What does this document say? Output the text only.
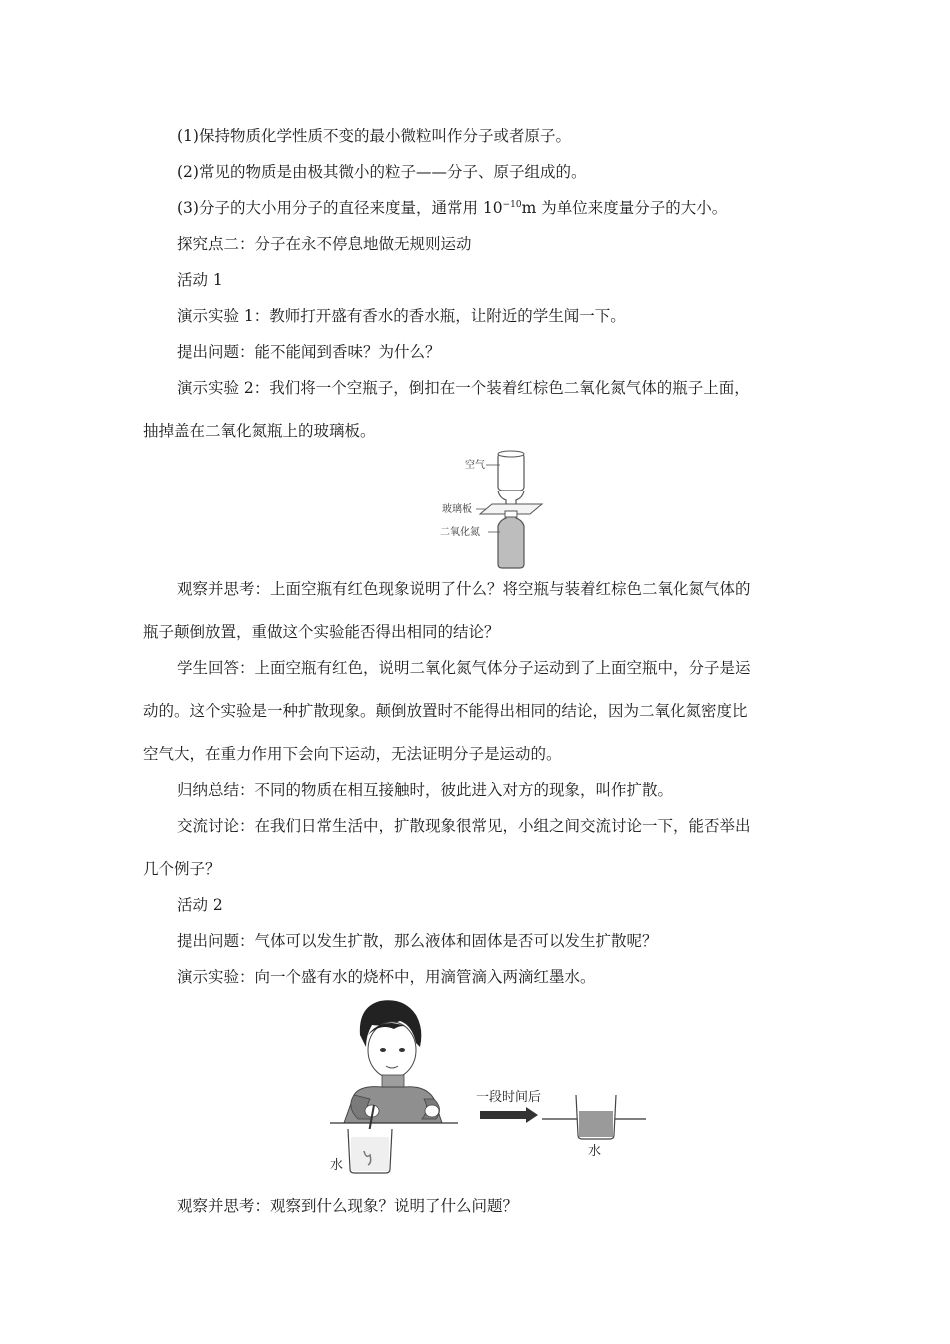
(1)保持物质化学性质不变的最小微粒叫作分子或者原子。
(2)常见的物质是由极其微小的粒子——分子、原子组成的。
(3)分子的大小用分子的直径来度量，通常用 $10^{-10}m$ 为单位来度量分子的大小。
探究点二：分子在永不停息地做无规则运动
活动 1
演示实验 1：教师打开盛有香水的香水瓶，让附近的学生闻一下。
提出问题：能不能闻到香味？为什么？
演示实验 2：我们将一个空瓶子，倒扣在一个装着红棕色二氧化氮气体的瓶子上面，
抽掉盖在二氧化氮瓶上的玻璃板。
空气
玻璃板
二氧化氮
观察并思考：上面空瓶有红色现象说明了什么？将空瓶与装着红棕色二氧化氮气体的
瓶子颠倒放置，重做这个实验能否得出相同的结论？
学生回答：上面空瓶有红色，说明二氧化氮气体分子运动到了上面空瓶中，分子是运
动的。这个实验是一种扩散现象。颠倒放置时不能得出相同的结论，因为二氧化氮密度比
空气大，在重力作用下会向下运动，无法证明分子是运动的。
归纳总结：不同的物质在相互接触时，彼此进入对方的现象，叫作扩散。
交流讨论：在我们日常生活中，扩散现象很常见，小组之间交流讨论一下，能否举出
几个例子？
活动 2
提出问题：气体可以发生扩散，那么液体和固体是否可以发生扩散呢？
演示实验：向一个盛有水的烧杯中，用滴管滴入两滴红墨水。
水
一段时间后
水
观察并思考：观察到什么现象？说明了什么问题？
